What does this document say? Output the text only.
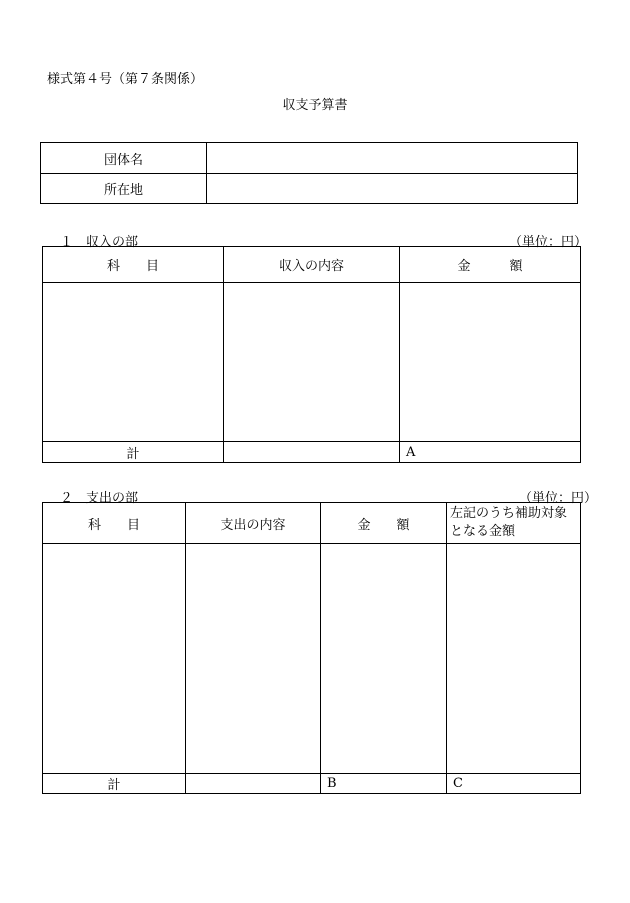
様式第４号（第７条関係）
収支予算書
団体名	
所在地	
１　収入の部	（単位：円）
科　　目	収入の内容	金　　　額

計		A
２　支出の部	（単位：円）
科　　目	支出の内容	金　　額	左記のうち補助対象となる金額

計		B	C
